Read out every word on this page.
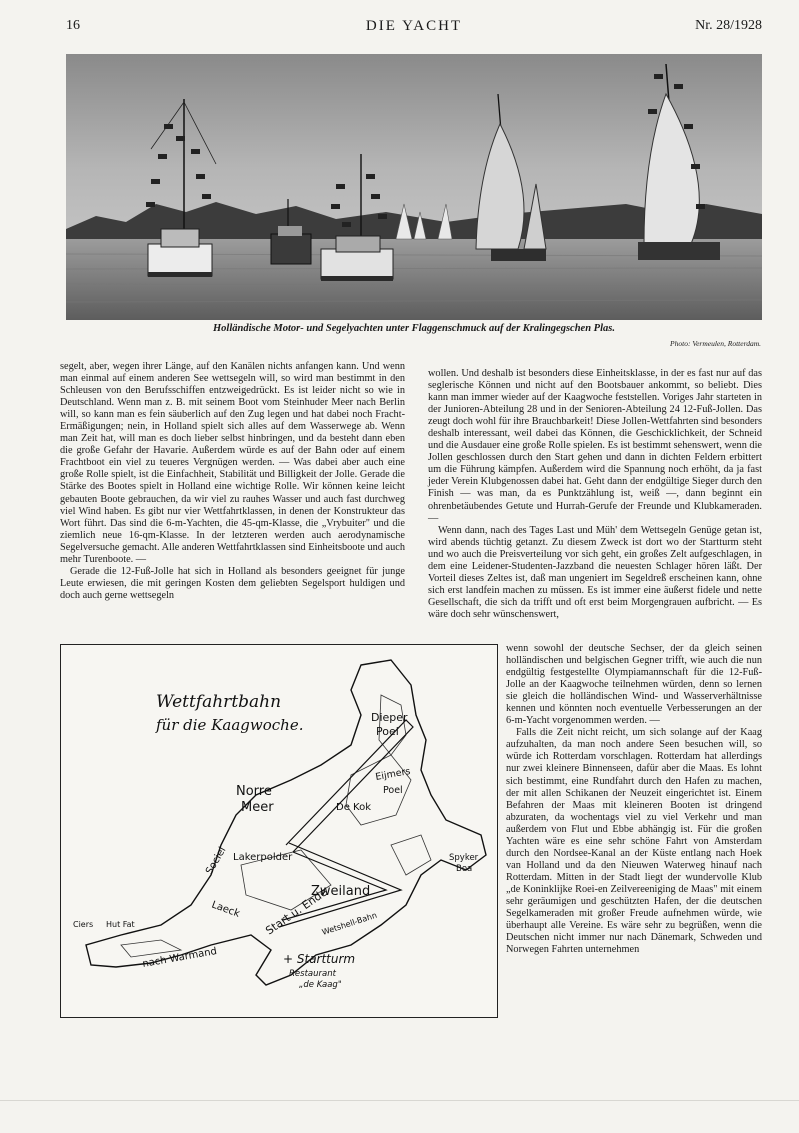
16	DIE YACHT	Nr. 28/1928
Holländische Motor- und Segelyachten unter Flaggenschmuck auf der Kralingegschen Plas.
Photo: Vermeulen, Rotterdam.

segelt, aber, wegen ihrer Länge, auf den Kanälen nichts anfangen kann. Und wenn man einmal auf einem anderen See wettsegeln will, so wird man bestimmt in den Schleusen von den Berufsschiffen entzweigedrückt. Es ist leider nicht so wie in Deutschland. Wenn man z. B. mit seinem Boot vom Steinhuder Meer nach Berlin will, so kann man es fein säuberlich auf den Zug legen und hat dabei noch Fracht-Ermäßigungen; nein, in Holland spielt sich alles auf dem Wasserwege ab. Wenn man Zeit hat, will man es doch lieber selbst hinbringen, und da besteht dann eben die große Gefahr der Havarie. Außerdem würde es auf der Bahn oder auf einem Frachtboot ein viel zu teueres Vergnügen werden. — Was dabei aber auch eine große Rolle spielt, ist die Einfachheit, Stabilität und Billigkeit der Jolle. Gerade die Stärke des Bootes spielt in Holland eine wichtige Rolle. Wir können keine leicht gebauten Boote gebrauchen, da wir viel zu rauhes Wasser und auch fast durchweg viel Wind haben. Es gibt nur vier Wettfahrtklassen, in denen der Konstrukteur das Wort führt. Das sind die 6-m-Yachten, die 45-qm-Klasse, die „Vrybuiter" und die ziemlich neue 16-qm-Klasse. In der letzteren werden auch aerodynamische Segelversuche gemacht. Alle anderen Wettfahrtklassen sind Einheitsboote und auch mehr Turenboote. —

Gerade die 12-Fuß-Jolle hat sich in Holland als besonders geeignet für junge Leute erwiesen, die mit geringen Kosten dem geliebten Segelsport huldigen und doch auch gerne wettsegeln

wollen. Und deshalb ist besonders diese Einheitsklasse, in der es fast nur auf das seglerische Können und nicht auf den Bootsbauer ankommt, so beliebt. Dies kann man immer wieder auf der Kaagwoche feststellen. Voriges Jahr starteten in der Junioren-Abteilung 28 und in der Senioren-Abteilung 24 12-Fuß-Jollen. Das zeugt doch wohl für ihre Brauchbarkeit! Diese Jollen-Wettfahrten sind besonders deshalb interessant, weil dabei das Können, die Geschicklichkeit, der Schneid und die Ausdauer eine große Rolle spielen. Es ist bestimmt sehenswert, wenn die Jollen geschlossen durch den Start gehen und dann in dichten Feldern erbittert um die Führung kämpfen. Außerdem wird die Spannung noch erhöht, da ja fast jeder Verein Klubgenossen dabei hat. Geht dann der endgültige Sieger durch den Finish — was man, da es Punktzählung ist, weiß —, dann beginnt ein ohrenbetäubendes Getute und Hurrah-Gerufe der Freunde und Klubkameraden. —

Wenn dann, nach des Tages Last und Müh' dem Wettsegeln Genüge getan ist, wird abends tüchtig getanzt. Zu diesem Zweck ist dort wo der Startturm steht und wo auch die Preisverteilung vor sich geht, ein großes Zelt aufgeschlagen, in dem eine Leidener-Studenten-Jazzband die neuesten Schlager hören läßt. Der Vorteil dieses Zeltes ist, daß man ungeniert im Segeldreß erscheinen kann, ohne sich erst landfein machen zu müssen. Es ist immer eine äußerst fidele und nette Gesellschaft, die sich da trifft und oft erst beim Morgengrauen aufbricht. — Es wäre doch sehr wünschenswert,

wenn sowohl der deutsche Sechser, der da gleich seinen holländischen und belgischen Gegner trifft, wie auch die nun endgültig festgestellte Olympiamannschaft für die 12-Fuß-Jolle an der Kaagwoche teilnehmen würden, denn so lernen sie gleich die holländischen Wind- und Wasserverhältnisse kennen und könnten noch eventuelle Verbesserungen an der 6-m-Yacht vorgenommen werden. —

Falls die Zeit nicht reicht, um sich solange auf der Kaag aufzuhalten, da man noch andere Seen besuchen will, so würde ich Rotterdam vorschlagen. Rotterdam hat allerdings nur zwei kleinere Binnenseen, dafür aber die Maas. Es lohnt sich bestimmt, eine Rundfahrt durch den Hafen zu machen, der mit allen Schikanen der Neuzeit eingerichtet ist. Einem Befahren der Maas mit kleineren Booten ist dringend abzuraten, da wochentags viel zu viel Verkehr und man außerdem von Flut und Ebbe abhängig ist. Für die großen Yachten wäre es eine sehr schöne Fahrt von Amsterdam durch den Nordsee-Kanal an der Küste entlang nach Hoek van Holland und da den Nieuwen Waterweg hinauf nach Rotterdam. Mitten in der Stadt liegt der wundervolle Klub „de Koninklijke Roei-en Zeilvereeniging de Maas" mit einem sehr geräumigen und geschützten Hafen, der die deutschen Segelkameraden mit großer Freude aufnehmen würde, wie überhaupt alle Vereine. Es wäre sehr zu begrüßen, wenn die Deutschen nicht immer nur nach Dänemark, Schweden und Norwegen Fahrten unternehmen

Wettfahrtbahn
für die Kaagwoche.	Dieper
Poel
Norre
Meer	De Kok
Eijmers
Poel
Spyker
Boa
Lakerpolder
Zweiland
Sociel
Laeck
Ciers Hut Fat
nach Warmand
Start u. Ende
Wetshell-Bahn
+ Startturm
Restaurant
„de Kaag"
